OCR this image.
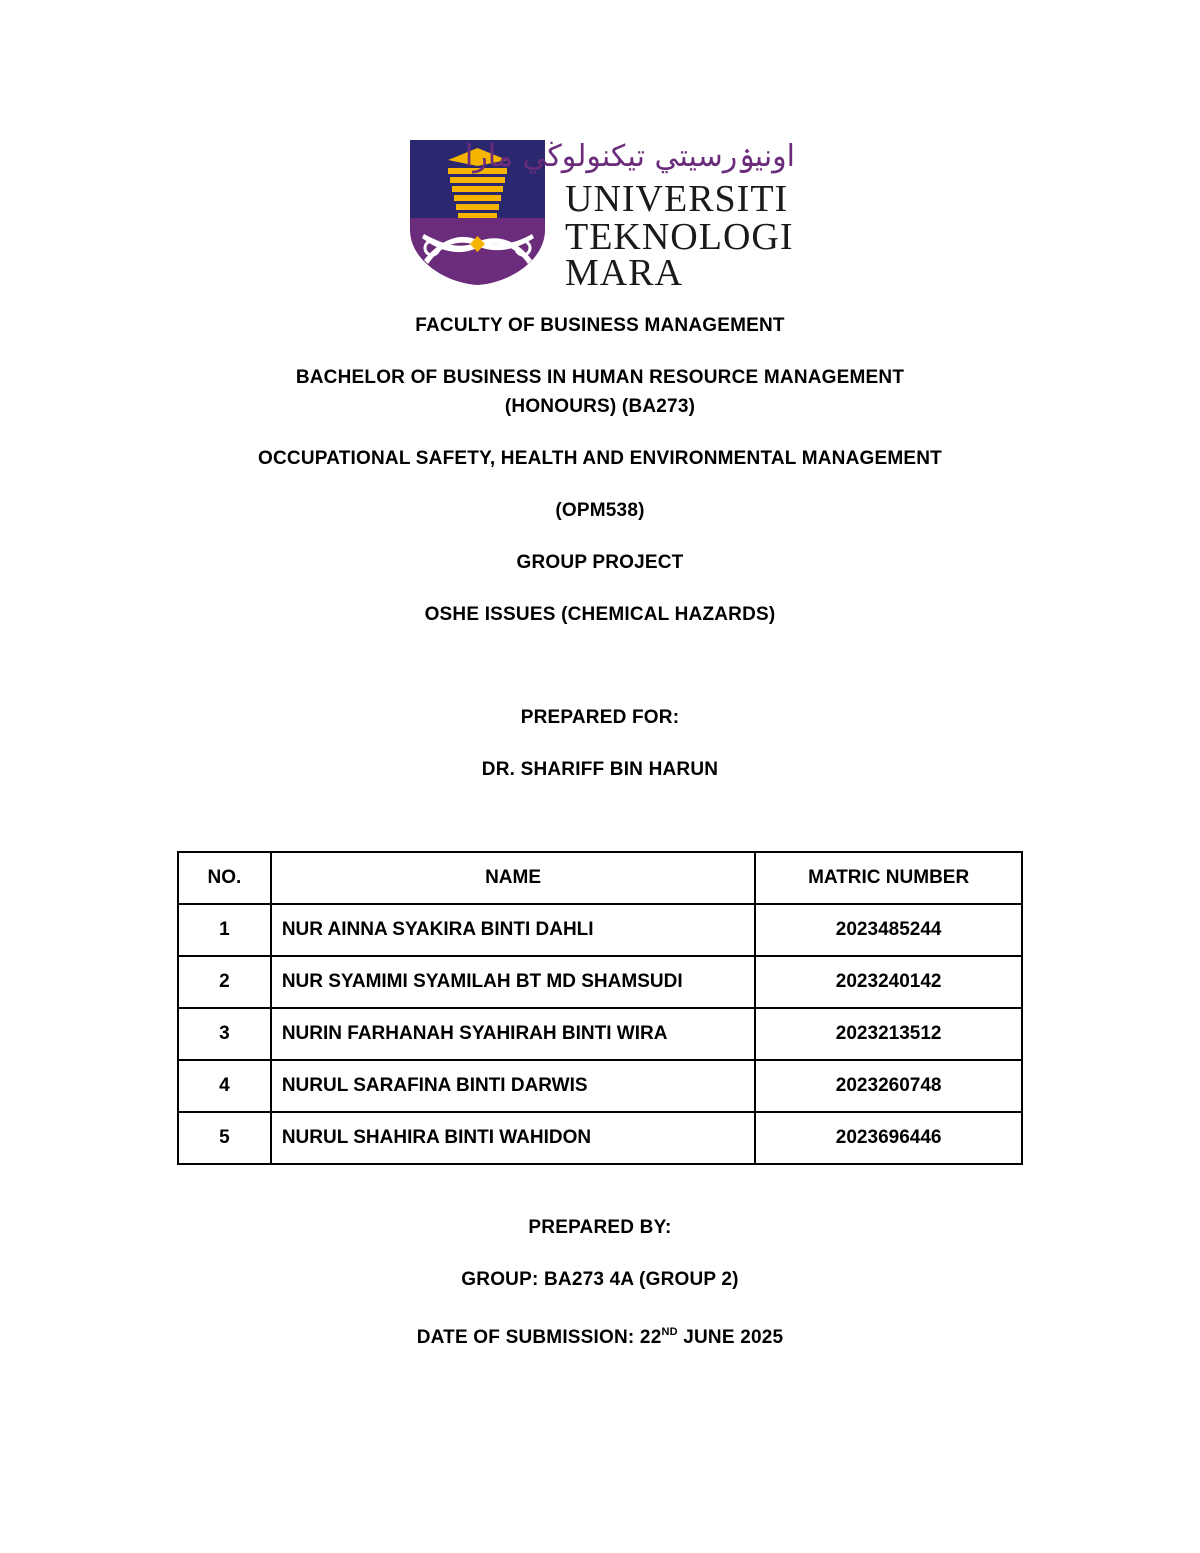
اونيۏرسيتي تيكنولوڬي مارا
UNIVERSITI
TEKNOLOGI
MARA
FACULTY OF BUSINESS MANAGEMENT
BACHELOR OF BUSINESS IN HUMAN RESOURCE MANAGEMENT
(HONOURS) (BA273)
OCCUPATIONAL SAFETY, HEALTH AND ENVIRONMENTAL MANAGEMENT
(OPM538)
GROUP PROJECT
OSHE ISSUES (CHEMICAL HAZARDS)
PREPARED FOR:
DR. SHARIFF BIN HARUN
NO.	NAME	MATRIC NUMBER
1	NUR AINNA SYAKIRA BINTI DAHLI	2023485244
2	NUR SYAMIMI SYAMILAH BT MD SHAMSUDI	2023240142
3	NURIN FARHANAH SYAHIRAH BINTI WIRA	2023213512
4	NURUL SARAFINA BINTI DARWIS	2023260748
5	NURUL SHAHIRA BINTI WAHIDON	2023696446
PREPARED BY:
GROUP: BA273 4A (GROUP 2)
DATE OF SUBMISSION: 22ND JUNE 2025
